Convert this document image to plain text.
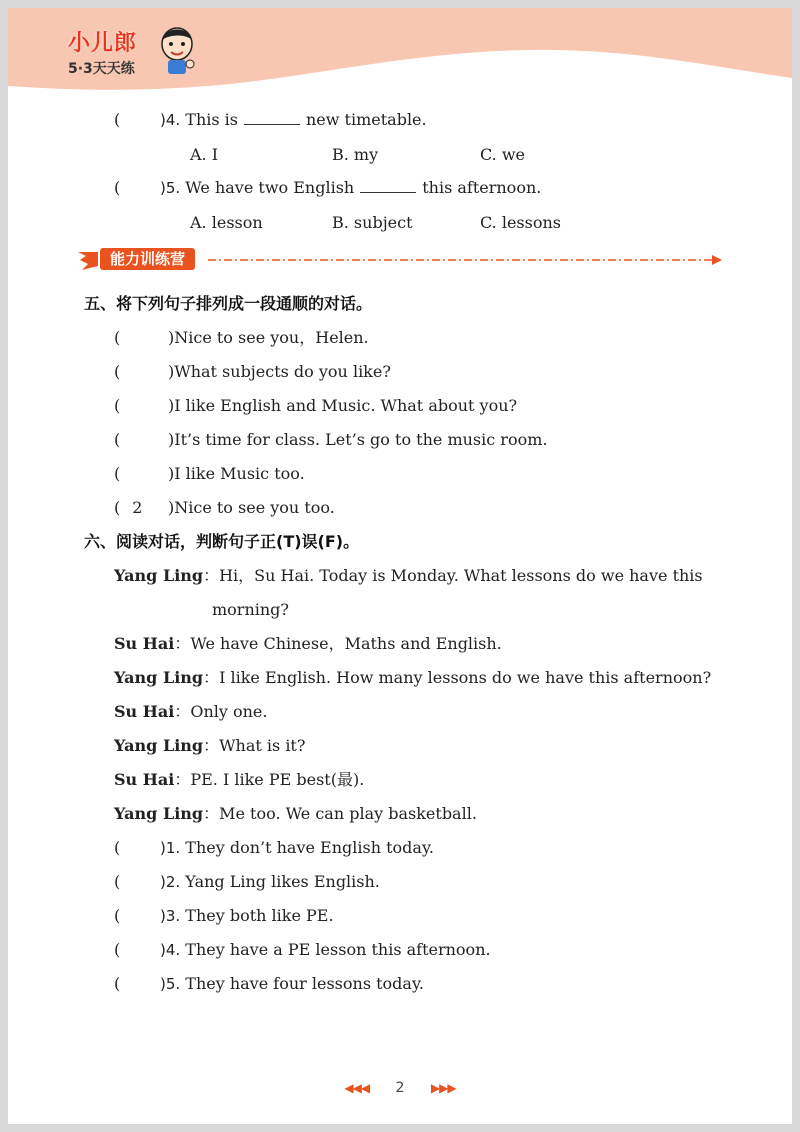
小儿郎
5·3天天练
(	)4. This is	new timetable.
A. I	B. my	C. we
(	)5. We have two English	this afternoon.
A. lesson	B. subject	C. lessons
能力训练营
五、将下列句子排列成一段通顺的对话。
(	)Nice to see you，Helen.
(	)What subjects do you like?
(	)I like English and Music. What about you?
(	)It’s time for class. Let’s go to the music room.
(	)I like Music too.
( 2 )Nice to see you too.
六、阅读对话，判断句子正(T)误(F)。
Yang Ling：Hi，Su Hai. Today is Monday. What lessons do we have this
morning?
Su Hai：We have Chinese，Maths and English.
Yang Ling：I like English. How many lessons do we have this afternoon?
Su Hai：Only one.
Yang Ling：What is it?
Su Hai：PE. I like PE best(最).
Yang Ling：Me too. We can play basketball.
(	)1. They don’t have English today.
(	)2. Yang Ling likes English.
(	)3. They both like PE.
(	)4. They have a PE lesson this afternoon.
(	)5. They have four lessons today.
◀◀◀ 2 ▶▶▶
